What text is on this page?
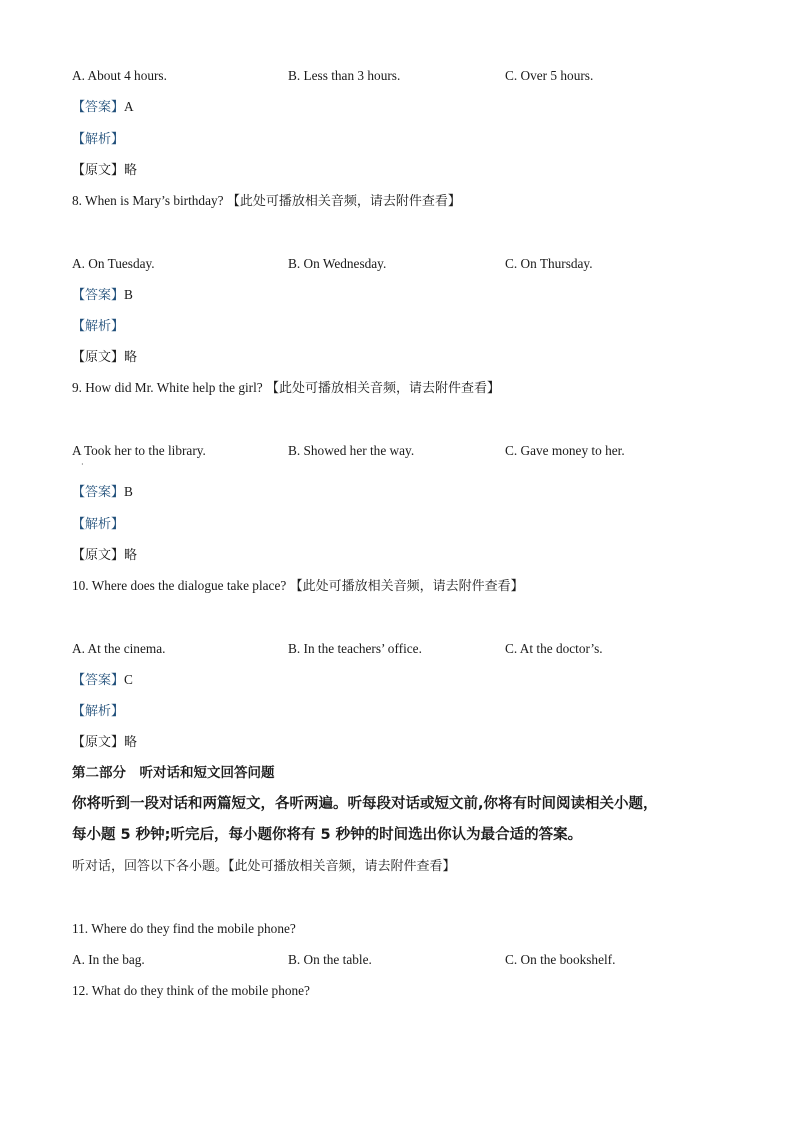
A. About 4 hours.	B. Less than 3 hours.	C. Over 5 hours.
【答案】A
【解析】
【原文】略
8. When is Mary’s birthday? 【此处可播放相关音频，请去附件查看】
A. On Tuesday.	B. On Wednesday.	C. On Thursday.
【答案】B
【解析】
【原文】略
9. How did Mr. White help the girl? 【此处可播放相关音频，请去附件查看】
A Took her to the library.
·
B. Showed her the way.	C. Gave money to her.
【答案】B
【解析】
【原文】略
10. Where does the dialogue take place? 【此处可播放相关音频，请去附件查看】
A. At the cinema.	B. In the teachers’ office.	C. At the doctor’s.
【答案】C
【解析】
【原文】略
第二部分　听对话和短文回答问题
你将听到一段对话和两篇短文，各听两遍。听每段对话或短文前,你将有时间阅读相关小题，
每小题 5 秒钟;听完后，每小题你将有 5 秒钟的时间选出你认为最合适的答案。
听对话，回答以下各小题。【此处可播放相关音频，请去附件查看】
11. Where do they find the mobile phone?
A. In the bag.	B. On the table.	C. On the bookshelf.
12. What do they think of the mobile phone?
